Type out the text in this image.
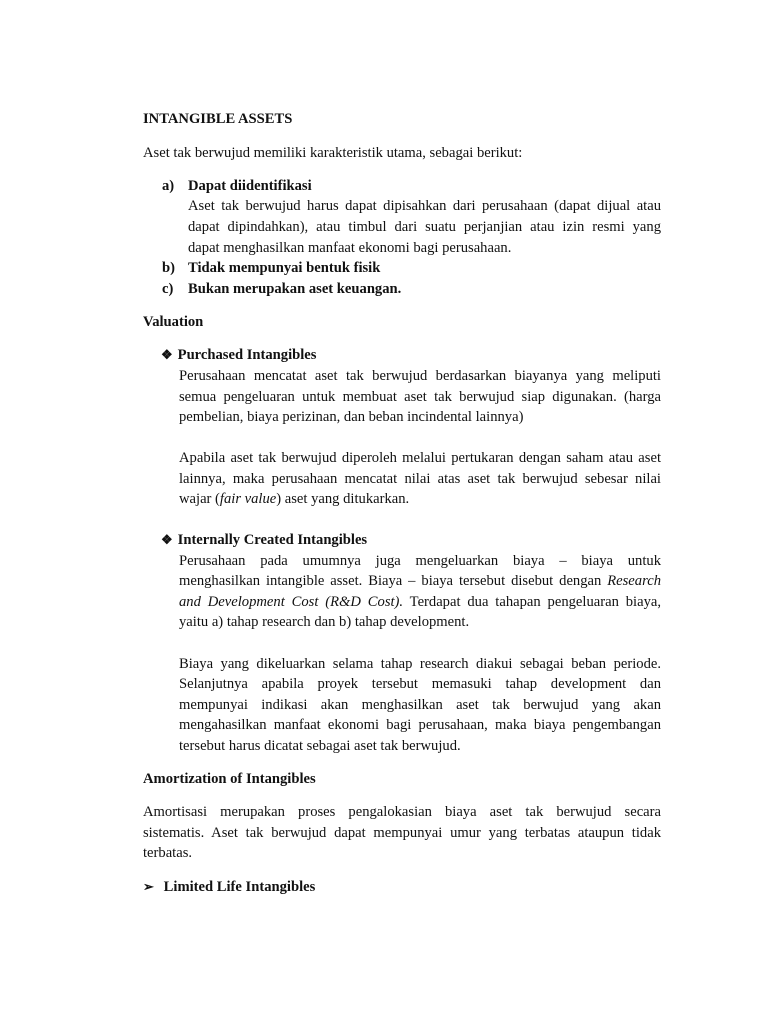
INTANGIBLE ASSETS
Aset tak berwujud memiliki karakteristik utama, sebagai berikut:
a) Dapat diidentifikasi
Aset tak berwujud harus dapat dipisahkan dari perusahaan (dapat dijual atau
dapat dipindahkan), atau timbul dari suatu perjanjian atau izin resmi yang
dapat menghasilkan manfaat ekonomi bagi perusahaan.
b) Tidak mempunyai bentuk fisik
c) Bukan merupakan aset keuangan.
Valuation
❖ Purchased Intangibles
Perusahaan mencatat aset tak berwujud berdasarkan biayanya yang meliputi
semua pengeluaran untuk membuat aset tak berwujud siap digunakan. (harga
pembelian, biaya perizinan, dan beban incindental lainnya)
Apabila aset tak berwujud diperoleh melalui pertukaran dengan saham atau aset
lainnya, maka perusahaan mencatat nilai atas aset tak berwujud sebesar nilai
wajar (fair value) aset yang ditukarkan.
❖ Internally Created Intangibles
Perusahaan pada umumnya juga mengeluarkan biaya – biaya untuk
menghasilkan intangible asset. Biaya – biaya tersebut disebut dengan Research
and Development Cost (R&D Cost). Terdapat dua tahapan pengeluaran biaya,
yaitu a) tahap research dan b) tahap development.
Biaya yang dikeluarkan selama tahap research diakui sebagai beban periode.
Selanjutnya apabila proyek tersebut memasuki tahap development dan
mempunyai indikasi akan menghasilkan aset tak berwujud yang akan
mengahasilkan manfaat ekonomi bagi perusahaan, maka biaya pengembangan
tersebut harus dicatat sebagai aset tak berwujud.
Amortization of Intangibles
Amortisasi merupakan proses pengalokasian biaya aset tak berwujud secara
sistematis. Aset tak berwujud dapat mempunyai umur yang terbatas ataupun tidak
terbatas.
➢ Limited Life Intangibles
